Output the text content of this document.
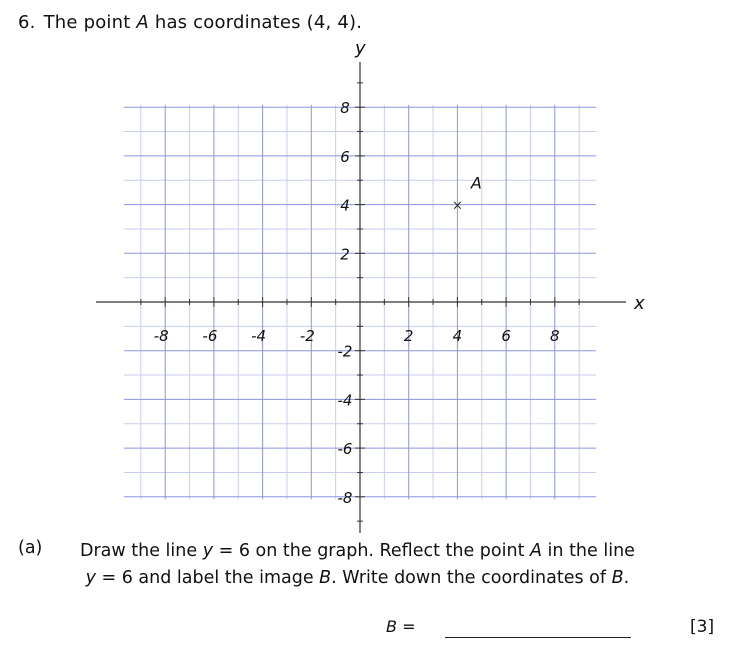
6. The point A has coordinates (4, 4).
x
y
-8 -6 -4 -2	2	4	6	8
8
6
4
2
-2
-4
-6
-8
×
A
(a) Draw the line y = 6 on the graph. Reflect the point A in the line
y = 6 and label the image B. Write down the coordinates of B.
B =	[3]
